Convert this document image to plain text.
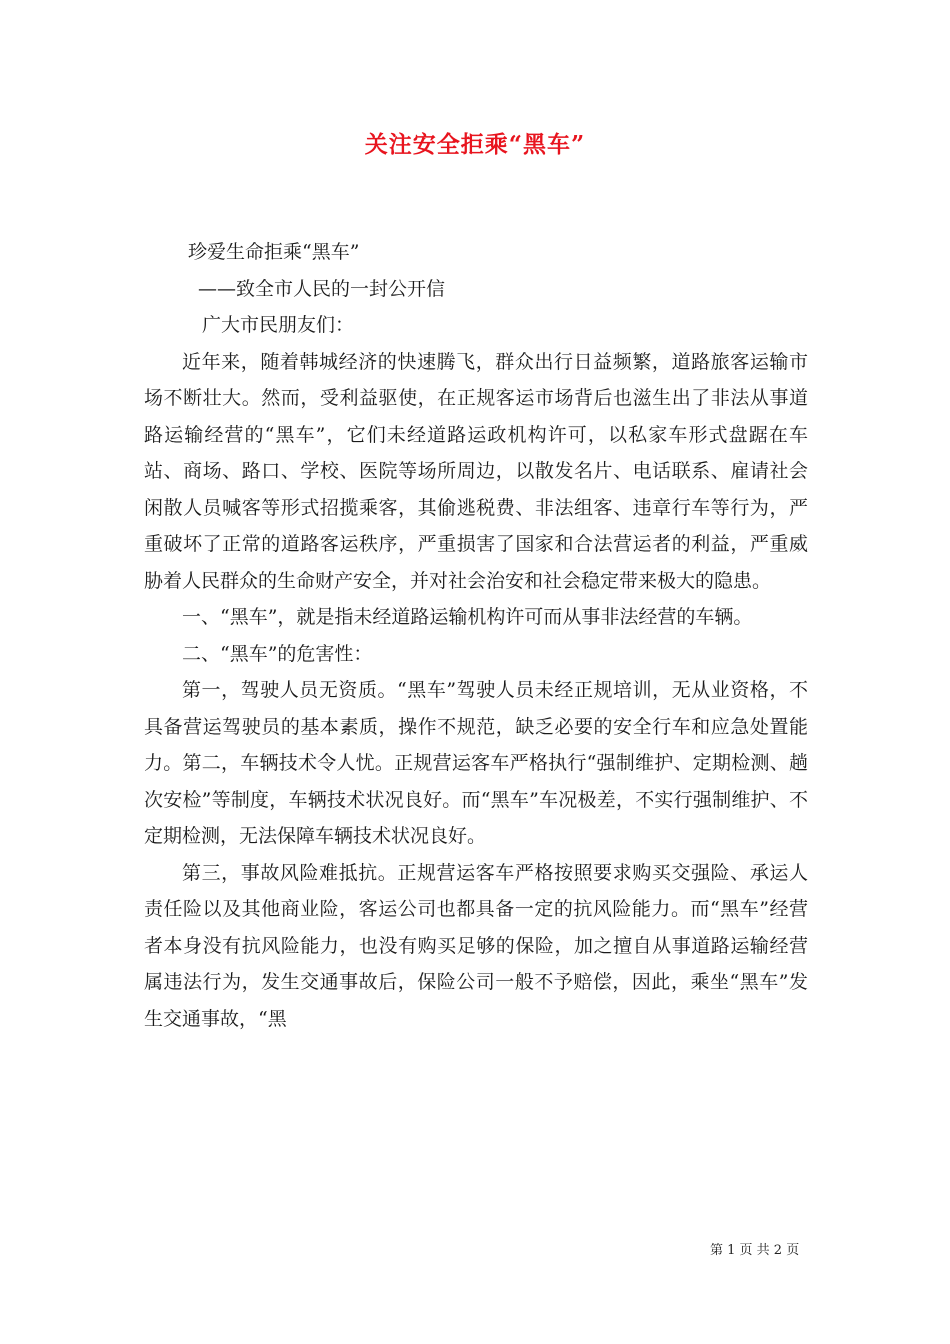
关注安全拒乘“黑车”

珍爱生命拒乘“黑车”

——致全市人民的一封公开信

广大市民朋友们：

近年来，随着韩城经济的快速腾飞，群众出行日益频繁，道路旅客运输市场不断壮大。然而，受利益驱使，在正规客运市场背后也滋生出了非法从事道路运输经营的“黑车”，它们未经道路运政机构许可，以私家车形式盘踞在车站、商场、路口、学校、医院等场所周边，以散发名片、电话联系、雇请社会闲散人员喊客等形式招揽乘客，其偷逃税费、非法组客、违章行车等行为，严重破坏了正常的道路客运秩序，严重损害了国家和合法营运者的利益，严重威胁着人民群众的生命财产安全，并对社会治安和社会稳定带来极大的隐患。

一、“黑车”，就是指未经道路运输机构许可而从事非法经营的车辆。

二、“黑车”的危害性：

第一，驾驶人员无资质。“黑车”驾驶人员未经正规培训，无从业资格，不具备营运驾驶员的基本素质，操作不规范，缺乏必要的安全行车和应急处置能力。第二，车辆技术令人忧。正规营运客车严格执行“强制维护、定期检测、趟次安检”等制度，车辆技术状况良好。而“黑车”车况极差，不实行强制维护、不定期检测，无法保障车辆技术状况良好。

第三，事故风险难抵抗。正规营运客车严格按照要求购买交强险、承运人责任险以及其他商业险，客运公司也都具备一定的抗风险能力。而“黑车”经营者本身没有抗风险能力，也没有购买足够的保险，加之擅自从事道路运输经营属违法行为，发生交通事故后，保险公司一般不予赔偿，因此，乘坐“黑车”发生交通事故，“黑

第 1 页 共 2 页
